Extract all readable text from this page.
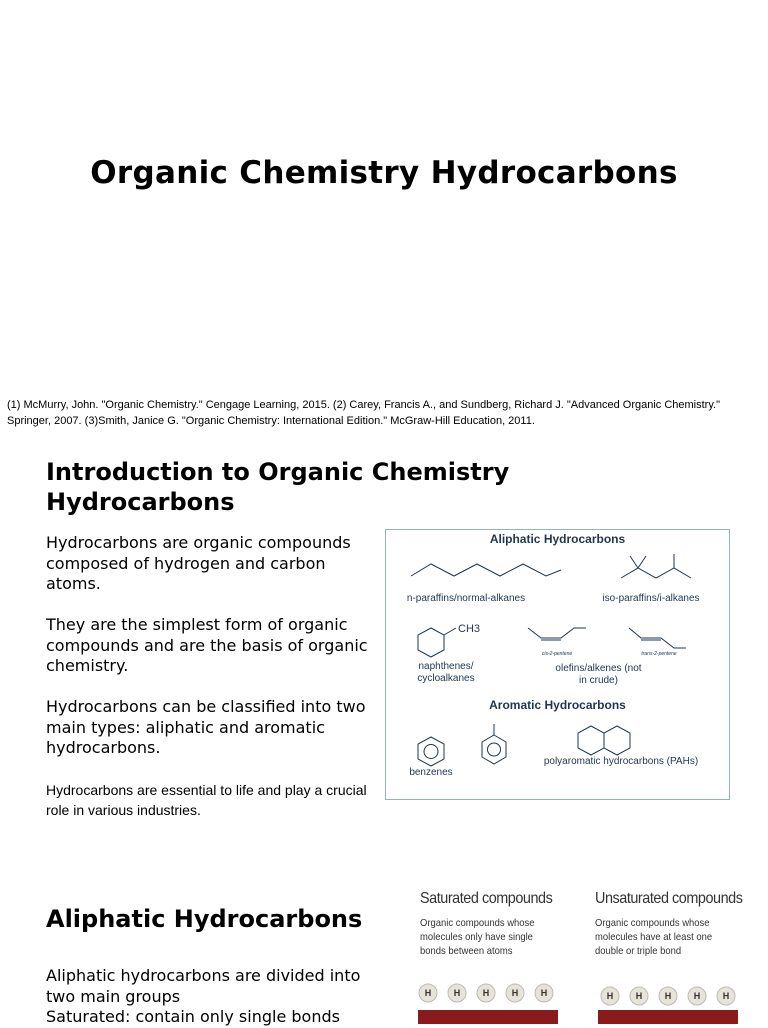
Organic Chemistry Hydrocarbons
(1) McMurry, John. "Organic Chemistry." Cengage Learning, 2015. (2) Carey, Francis A., and Sundberg, Richard J. "Advanced Organic Chemistry." Springer, 2007. (3)Smith, Janice G. "Organic Chemistry: International Edition." McGraw-Hill Education, 2011.
Introduction to Organic Chemistry Hydrocarbons

Hydrocarbons are organic compounds composed of hydrogen and carbon atoms.

They are the simplest form of organic compounds and are the basis of organic chemistry.

Hydrocarbons can be classified into two main types: aliphatic and aromatic hydrocarbons.

Hydrocarbons are essential to life and play a crucial role in various industries.

Aliphatic Hydrocarbons
n-paraffins/normal-alkanes	iso-paraffins/i-alkanes
CH3
cis-2-pentene	trans-2-pentene
naphthenes/ cycloalkanes
olefins/alkenes (not in crude)
Aromatic Hydrocarbons
benzenes
polyaromatic hydrocarbons (PAHs)
Aliphatic Hydrocarbons

Aliphatic hydrocarbons are divided into two main groups

Saturated: contain only single bonds

Saturated compounds
Organic compounds whose molecules only have single bonds between atoms
Unsaturated compounds
Organic compounds whose molecules have at least one double or triple bond
H	H	H	H	H	H	H	H	H	H
